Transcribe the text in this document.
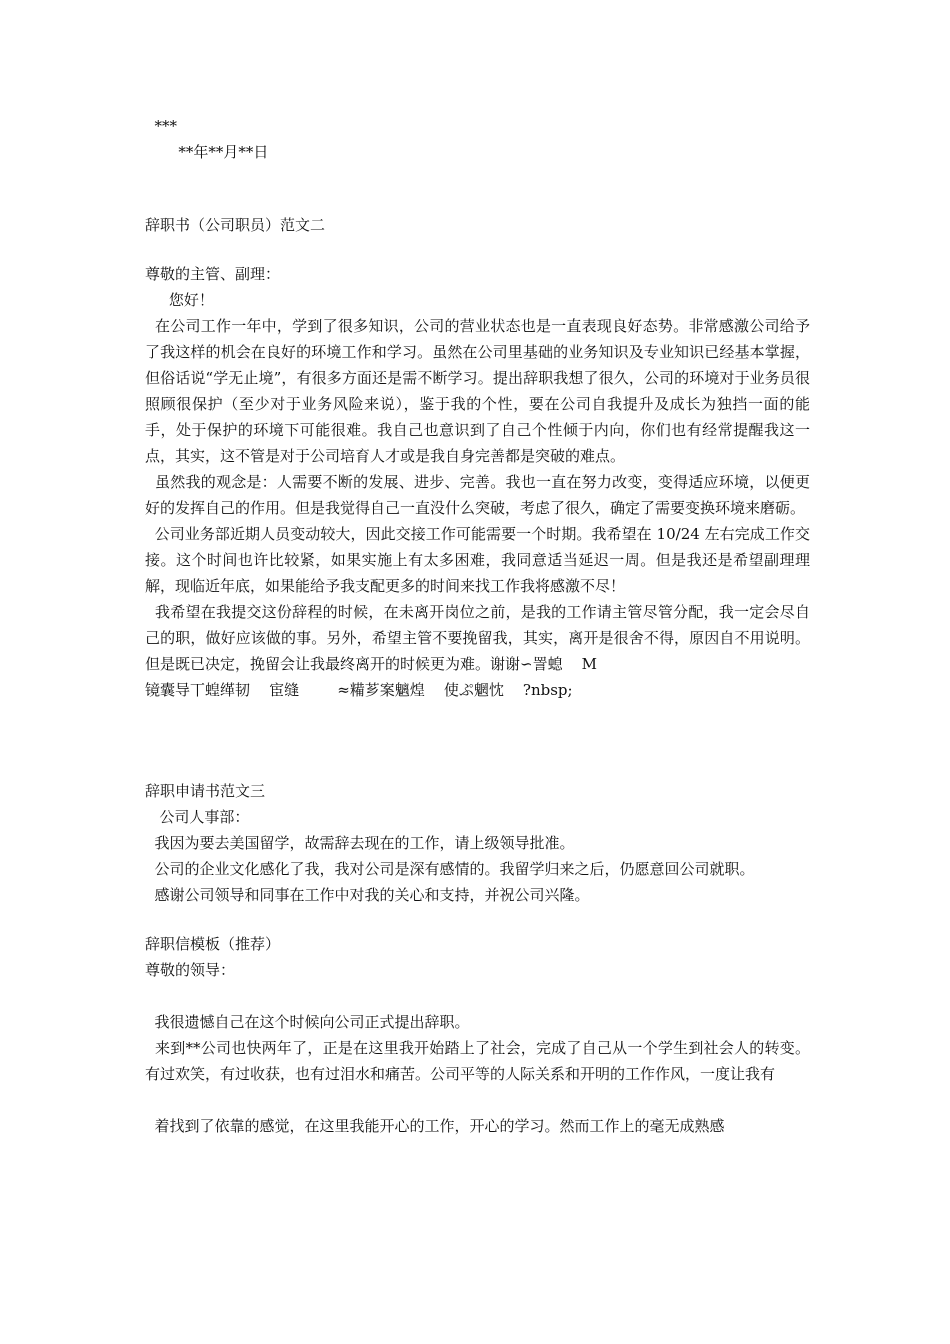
***

**年**月**日

辞职书（公司职员）范文二

尊敬的主管、副理：

您好！

在公司工作一年中，学到了很多知识，公司的营业状态也是一直表现良好态势。非常感激公司给予了我这样的机会在良好的环境工作和学习。虽然在公司里基础的业务知识及专业知识已经基本掌握，但俗话说“学无止境”，有很多方面还是需不断学习。提出辞职我想了很久，公司的环境对于业务员很照顾很保护（至少对于业务风险来说），鉴于我的个性，要在公司自我提升及成长为独挡一面的能手，处于保护的环境下可能很难。我自己也意识到了自己个性倾于内向，你们也有经常提醒我这一点，其实，这不管是对于公司培育人才或是我自身完善都是突破的难点。

虽然我的观念是：人需要不断的发展、进步、完善。我也一直在努力改变，变得适应环境，以便更好的发挥自己的作用。但是我觉得自己一直没什么突破，考虑了很久，确定了需要变换环境来磨砺。

公司业务部近期人员变动较大，因此交接工作可能需要一个时期。我希望在 10/24 左右完成工作交接。这个时间也许比较紧，如果实施上有太多困难，我同意适当延迟一周。但是我还是希望副理理解，现临近年底，如果能给予我支配更多的时间来找工作我将感激不尽！

我希望在我提交这份辞程的时候，在未离开岗位之前，是我的工作请主管尽管分配，我一定会尽自己的职，做好应该做的事。另外，希望主管不要挽留我，其实，离开是很舍不得，原因自不用说明。但是既已决定，挽留会让我最终离开的时候更为难。谢谢∽詈螅    M

镜囊导丅蝗缂韧    宦缝        ≈糒芗案魑煌    使ぷ魍忱    ?nbsp;

辞职申请书范文三

公司人事部：

我因为要去美国留学，故需辞去现在的工作，请上级领导批准。

公司的企业文化感化了我，我对公司是深有感情的。我留学归来之后，仍愿意回公司就职。

感谢公司领导和同事在工作中对我的关心和支持，并祝公司兴隆。

辞职信模板（推荐）

尊敬的领导：

我很遗憾自己在这个时候向公司正式提出辞职。

来到**公司也快两年了，正是在这里我开始踏上了社会，完成了自己从一个学生到社会人的转变。有过欢笑，有过收获，也有过泪水和痛苦。公司平等的人际关系和开明的工作作风，一度让我有

着找到了依靠的感觉，在这里我能开心的工作，开心的学习。然而工作上的毫无成熟感
